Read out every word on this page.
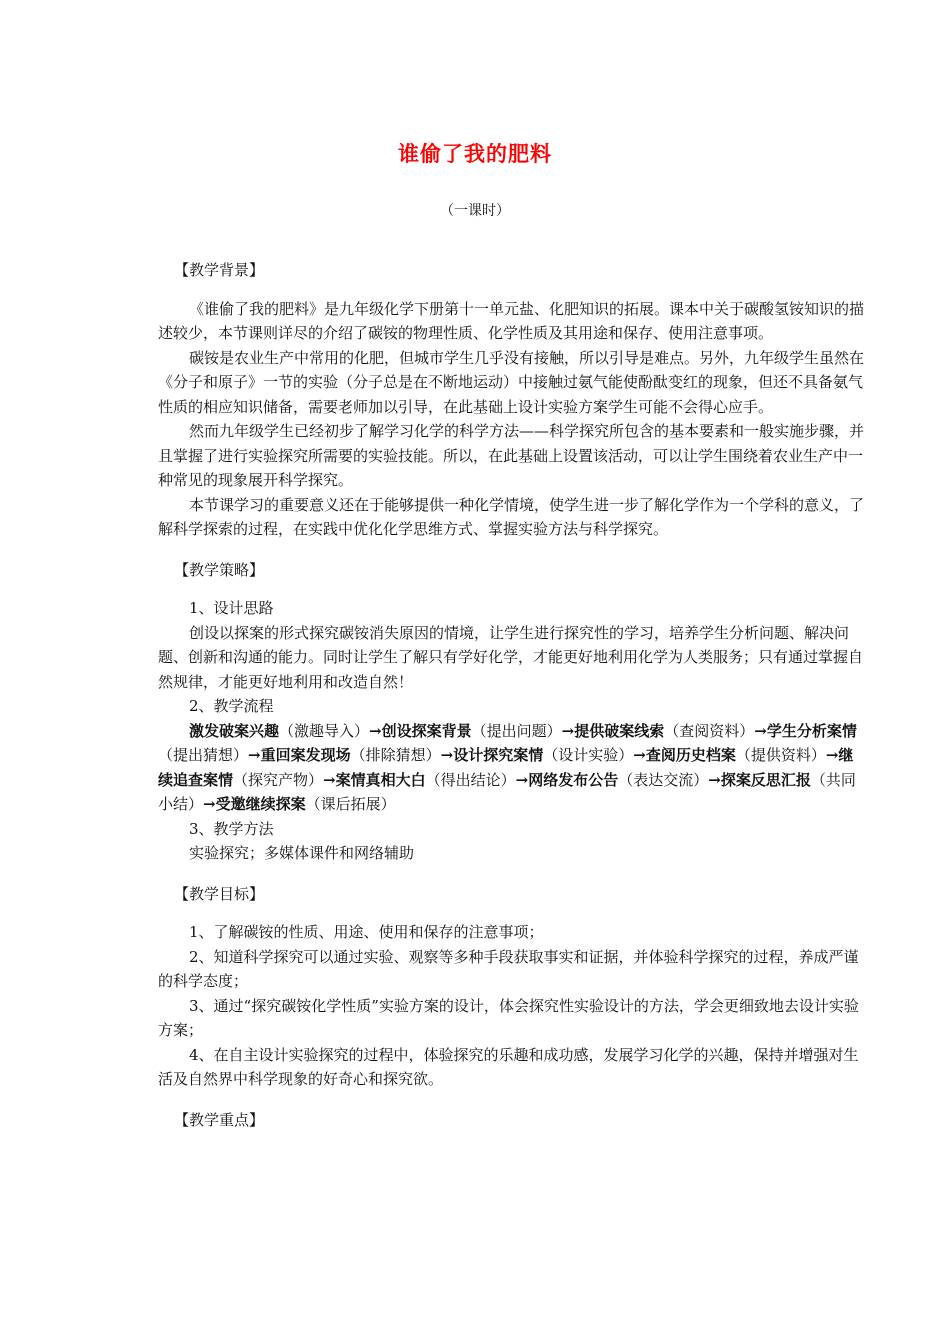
谁偷了我的肥料
（一课时）

【教学背景】

《谁偷了我的肥料》是九年级化学下册第十一单元盐、化肥知识的拓展。课本中关于碳酸氢铵知识的描述较少，本节课则详尽的介绍了碳铵的物理性质、化学性质及其用途和保存、使用注意事项。

碳铵是农业生产中常用的化肥，但城市学生几乎没有接触，所以引导是难点。另外，九年级学生虽然在《分子和原子》一节的实验（分子总是在不断地运动）中接触过氨气能使酚酞变红的现象，但还不具备氨气性质的相应知识储备，需要老师加以引导，在此基础上设计实验方案学生可能不会得心应手。

然而九年级学生已经初步了解学习化学的科学方法——科学探究所包含的基本要素和一般实施步骤，并且掌握了进行实验探究所需要的实验技能。所以，在此基础上设置该活动，可以让学生围绕着农业生产中一种常见的现象展开科学探究。

本节课学习的重要意义还在于能够提供一种化学情境，使学生进一步了解化学作为一个学科的意义，了解科学探索的过程，在实践中优化化学思维方式、掌握实验方法与科学探究。

【教学策略】

1、设计思路

创设以探案的形式探究碳铵消失原因的情境，让学生进行探究性的学习，培养学生分析问题、解决问题、创新和沟通的能力。同时让学生了解只有学好化学，才能更好地利用化学为人类服务；只有通过掌握自然规律，才能更好地利用和改造自然！

2、教学流程

激发破案兴趣（激趣导入）→创设探案背景（提出问题）→提供破案线索（查阅资料）→学生分析案情（提出猜想）→重回案发现场（排除猜想）→设计探究案情（设计实验）→查阅历史档案（提供资料）→继续追查案情（探究产物）→案情真相大白（得出结论）→网络发布公告（表达交流）→探案反思汇报（共同小结）→受邀继续探案（课后拓展）

3、教学方法

实验探究；多媒体课件和网络辅助

【教学目标】

1、了解碳铵的性质、用途、使用和保存的注意事项；

2、知道科学探究可以通过实验、观察等多种手段获取事实和证据，并体验科学探究的过程，养成严谨的科学态度；

3、通过“探究碳铵化学性质”实验方案的设计，体会探究性实验设计的方法，学会更细致地去设计实验方案；

4、在自主设计实验探究的过程中，体验探究的乐趣和成功感，发展学习化学的兴趣，保持并增强对生活及自然界中科学现象的好奇心和探究欲。

【教学重点】
